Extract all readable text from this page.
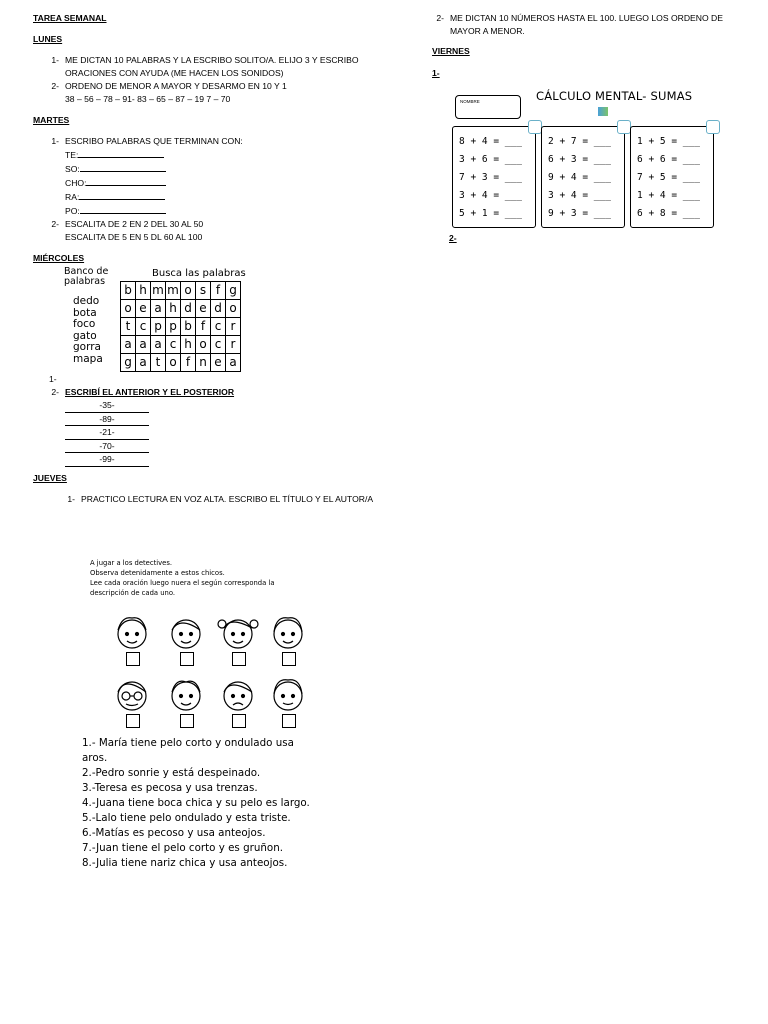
TAREA SEMANAL

LUNES

1- ME DICTAN 10 PALABRAS Y LA ESCRIBO SOLITO/A. ELIJO 3 Y ESCRIBO
ORACIONES CON AYUDA (ME HACEN LOS SONIDOS)
2- ORDENO DE MENOR A MAYOR Y DESARMO EN 10 Y 1
38 – 56 – 78 – 91- 83 – 65 – 87 – 19 7 – 70

MARTES

1- ESCRIBO PALABRAS QUE TERMINAN CON:
TE:
SO:
CHO:
RA:
PO:
2- ESCALITA DE 2 EN 2 DEL 30 AL 50
ESCALITA DE 5 EN 5 DL 60 AL 100

MIÉRCOLES

Banco de
palabras
dedo
bota
foco
gato
gorra
mapa
Busca las palabras
b	h	m	m	o	s	f	g
o	e	a	h	d	e	d	o
t	c	p	p	b	f	c	r
a	a	a	c	h	o	c	r
g	a	t	o	f	n	e	a
1-
2- ESCRIBÍ EL ANTERIOR Y EL POSTERIOR
-35-
-89-
-21-
-70-
-99-

JUEVES

1- PRACTICO LECTURA EN VOZ ALTA. ESCRIBO EL TÍTULO Y EL AUTOR/A
A jugar a los detectives.
Observa detenidamente a estos chicos.
Lee cada oración luego nuera el según corresponda la
descripción de cada uno.
1.- María tiene pelo corto y ondulado usa aros.
2.-Pedro sonrie y está despeinado.
3.-Teresa es pecosa y usa trenzas.
4.-Juana tiene boca chica y su pelo es largo.
5.-Lalo tiene pelo ondulado y esta triste.
6.-Matías es pecoso y usa anteojos.
7.-Juan tiene el pelo corto y es gruñon.
8.-Julia tiene nariz chica y usa anteojos.
2- ME DICTAN 10 NÚMEROS HASTA EL 100. LUEGO LOS ORDENO DE
MAYOR A MENOR.

VIERNES

1-

NOMBRE	CÁLCULO MENTAL- SUMAS
8 + 4 = ___
3 + 6 = ___
7 + 3 = ___
3 + 4 = ___
5 + 1 = ___
2 + 7 = ___
6 + 3 = ___
9 + 4 = ___
3 + 4 = ___
9 + 3 = ___
1 + 5 = ___
6 + 6 = ___
7 + 5 = ___
1 + 4 = ___
6 + 8 = ___
2-
